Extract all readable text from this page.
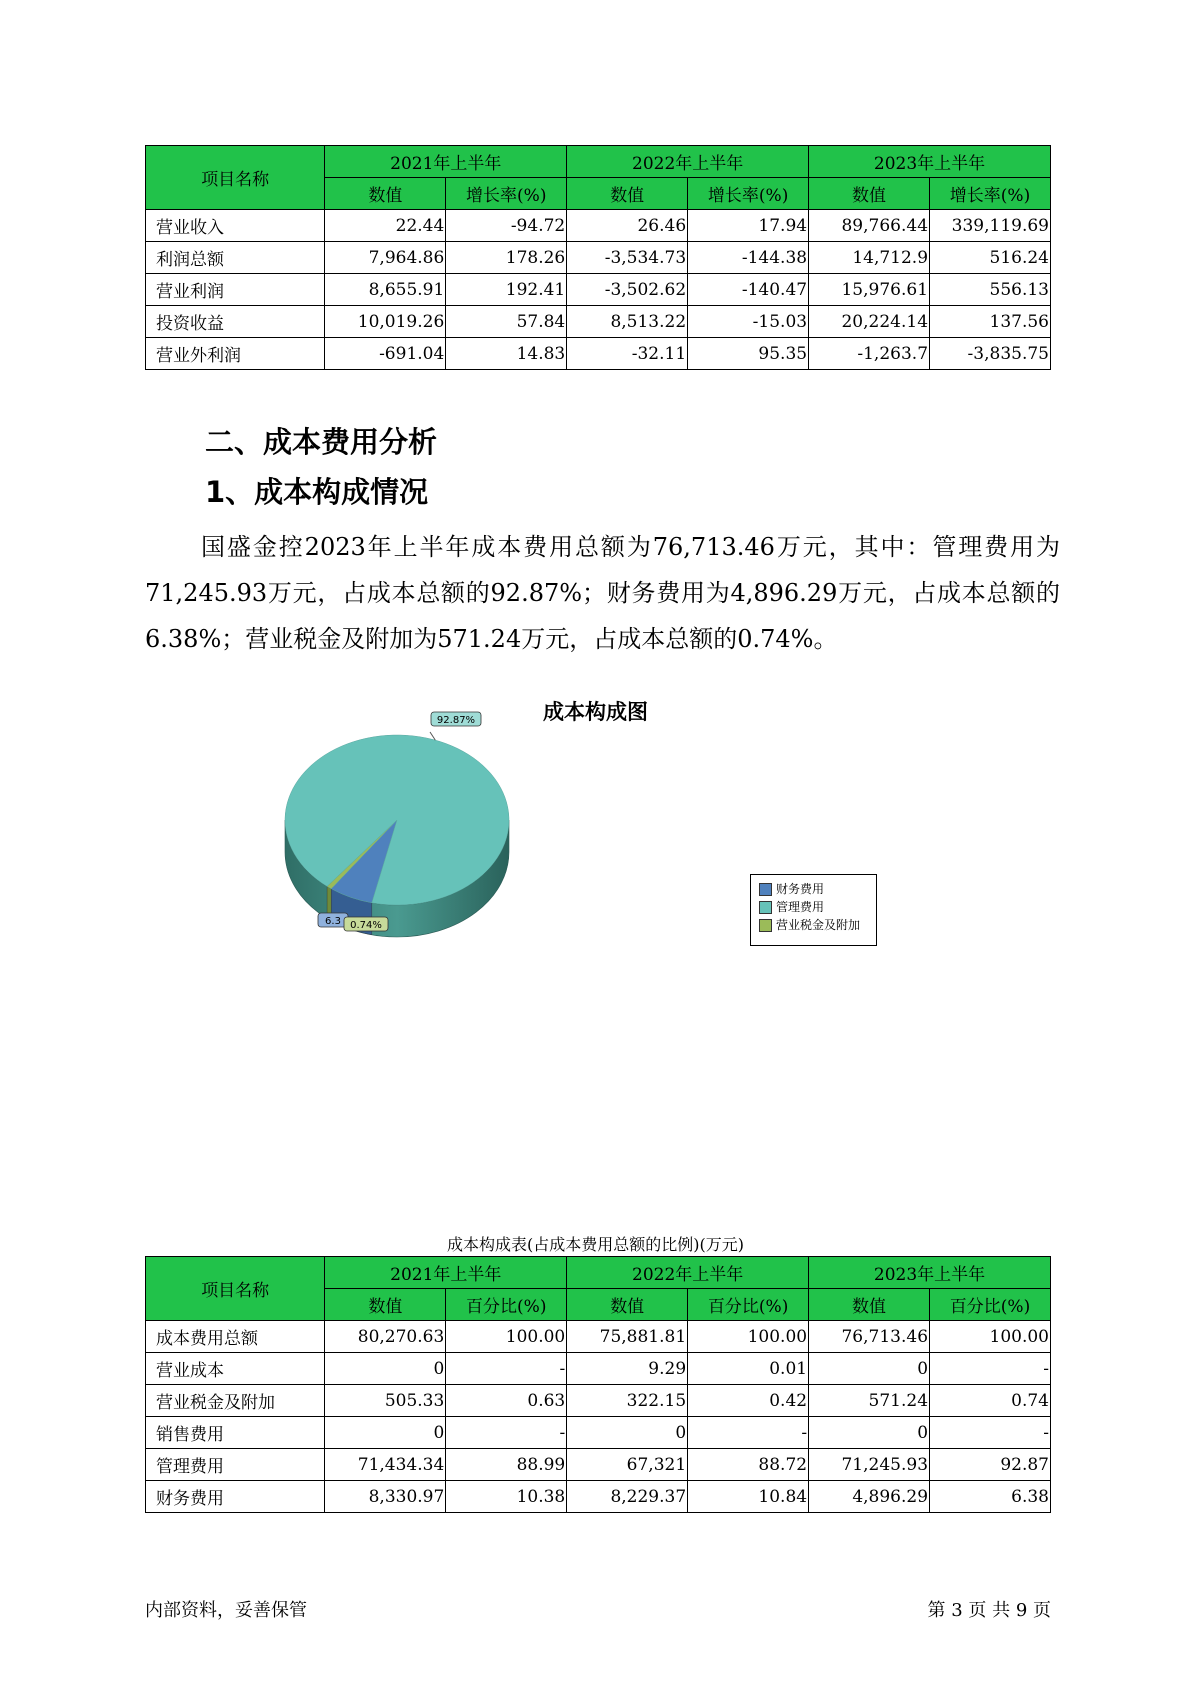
项目名称	2021年上半年		2022年上半年		2023年上半年	
	数值	增长率(%)	数值	增长率(%)	数值	增长率(%)
营业收入	22.44	-94.72	26.46	17.94	89,766.44	339,119.69
利润总额	7,964.86	178.26	-3,534.73	-144.38	14,712.9	516.24
营业利润	8,655.91	192.41	-3,502.62	-140.47	15,976.61	556.13
投资收益	10,019.26	57.84	8,513.22	-15.03	20,224.14	137.56
营业外利润	-691.04	14.83	-32.11	95.35	-1,263.7	-3,835.75
二、成本费用分析
1、成本构成情况
国盛金控2023年上半年成本费用总额为76,713.46万元，其中：管理费用为71,245.93万元，占成本总额的92.87%；财务费用为4,896.29万元，占成本总额的6.38%；营业税金及附加为571.24万元，占成本总额的0.74%。
成本构成图
92.87%
6.3 0.74%
财务费用
管理费用
营业税金及附加
成本构成表(占成本费用总额的比例)(万元)
项目名称	2021年上半年		2022年上半年		2023年上半年	
	数值	百分比(%)	数值	百分比(%)	数值	百分比(%)
成本费用总额	80,270.63	100.00	75,881.81	100.00	76,713.46	100.00
营业成本	0	-	9.29	0.01	0	-
营业税金及附加	505.33	0.63	322.15	0.42	571.24	0.74
销售费用	0	-	0	-	0	-
管理费用	71,434.34	88.99	67,321	88.72	71,245.93	92.87
财务费用	8,330.97	10.38	8,229.37	10.84	4,896.29	6.38
内部资料，妥善保管	第 3 页 共 9 页
